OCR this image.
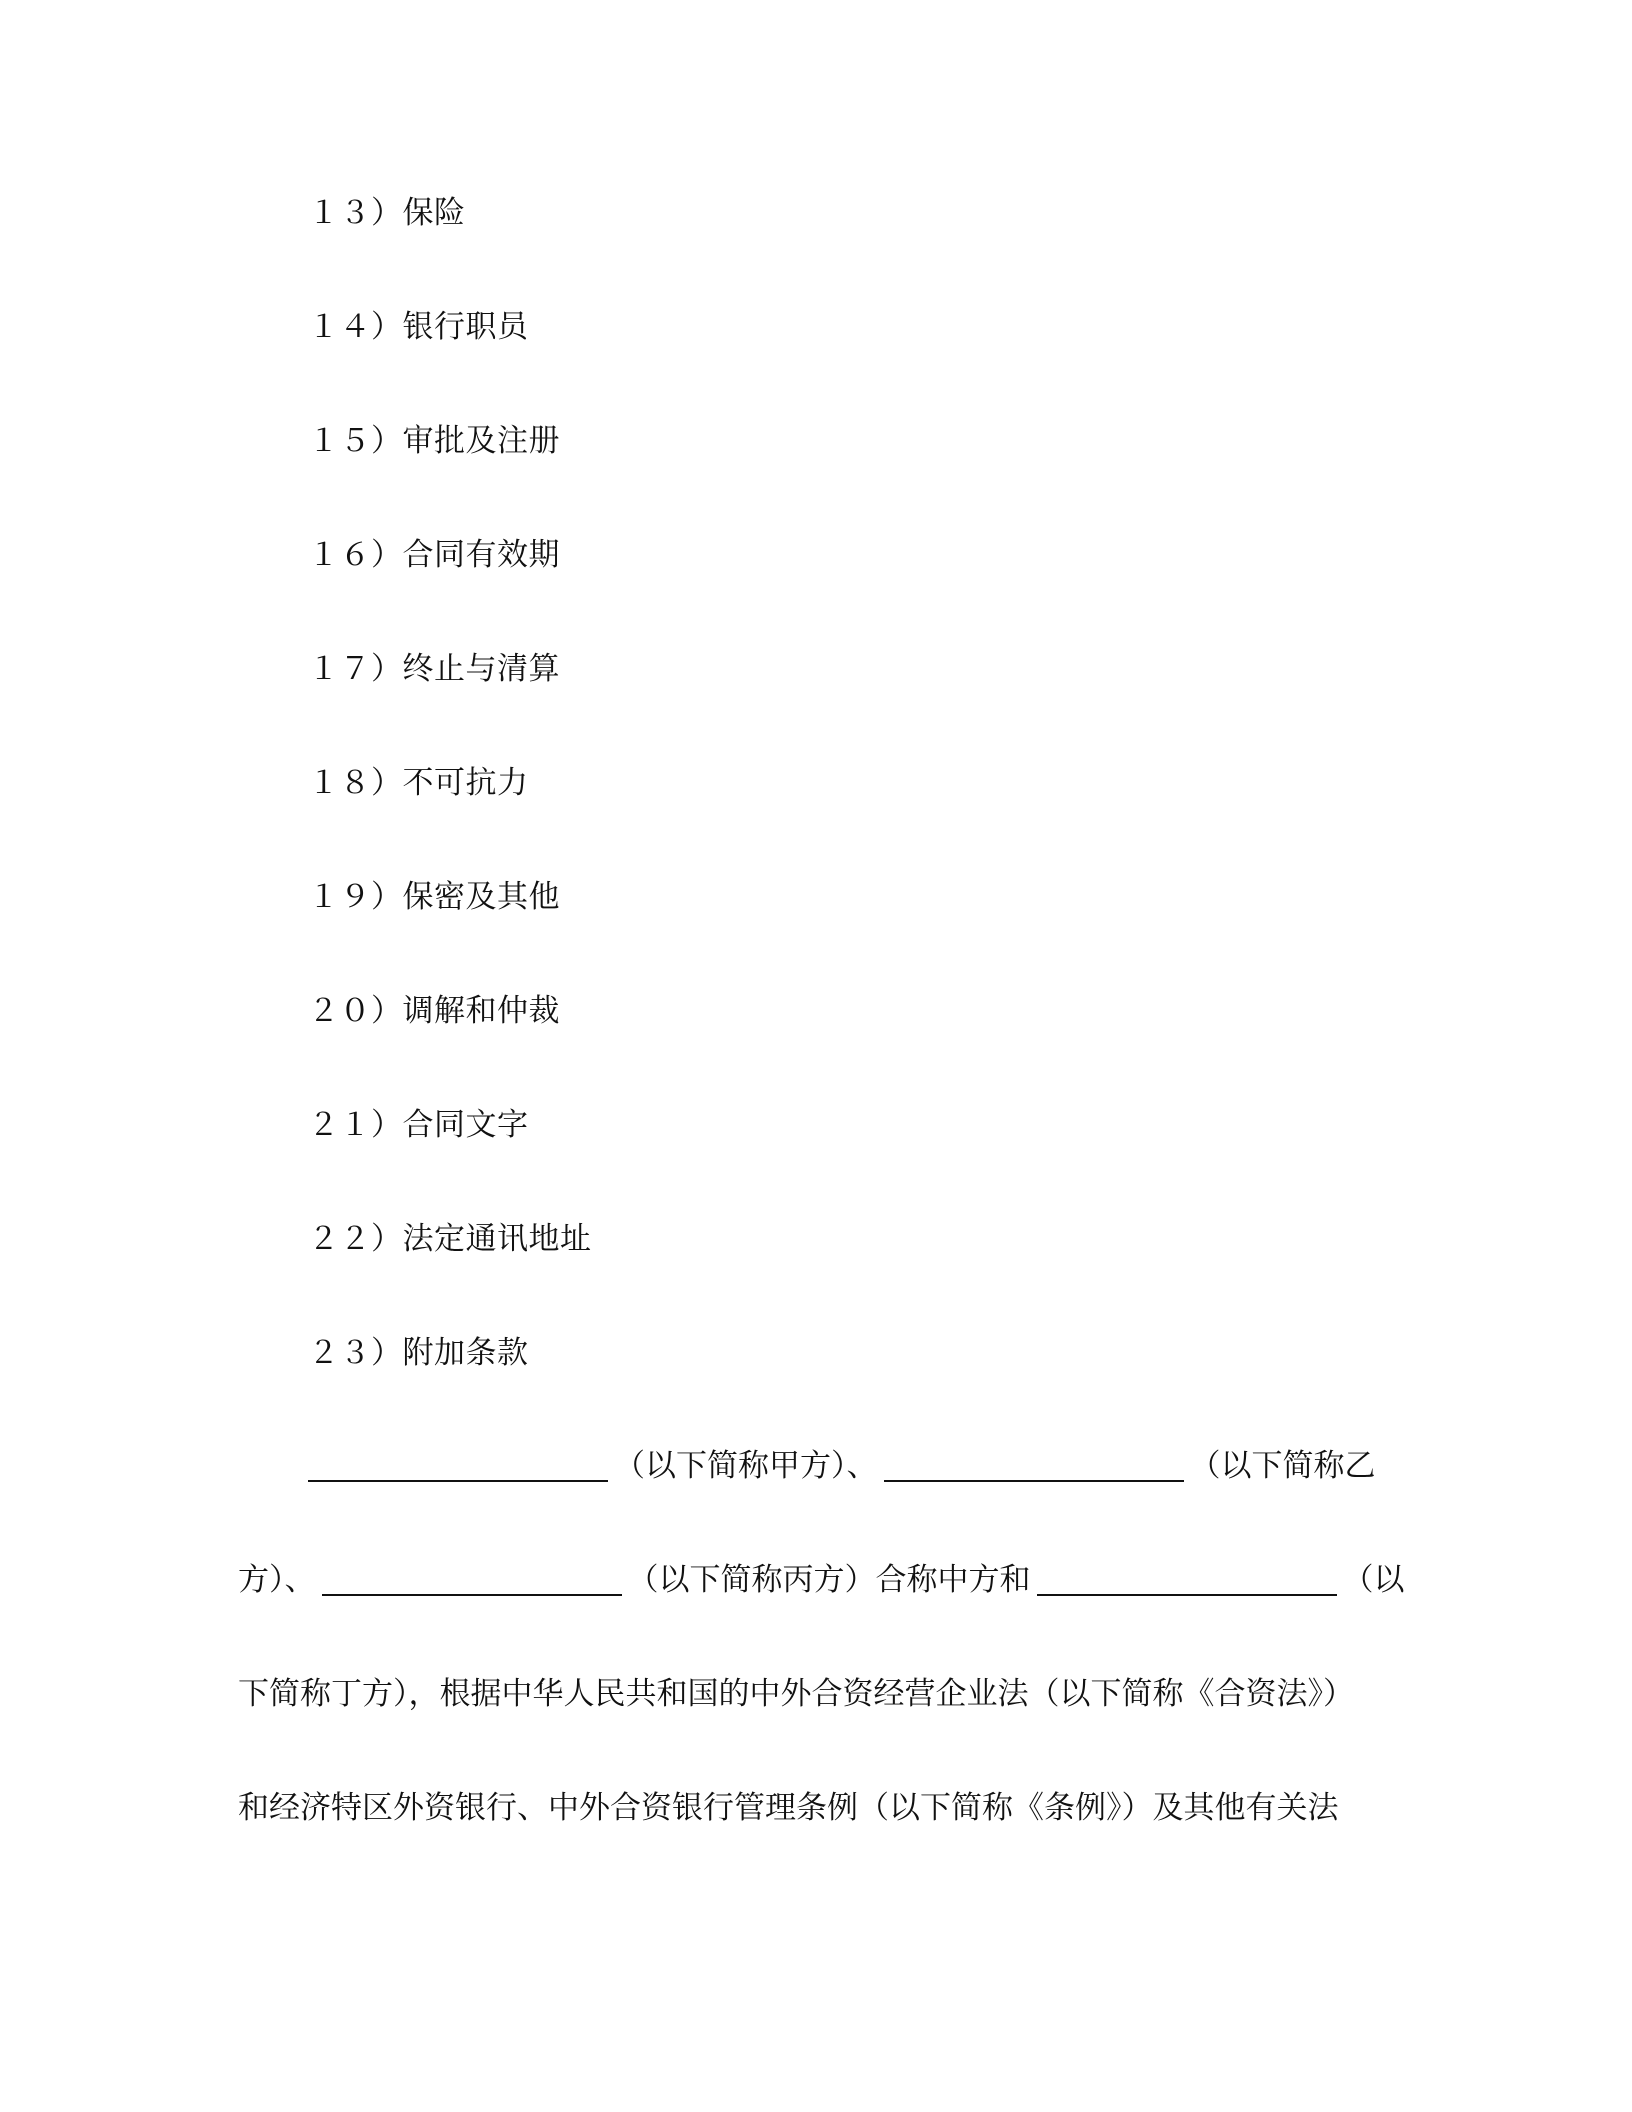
１３）保险
１４）银行职员
１５）审批及注册
１６）合同有效期
１７）终止与清算
１８）不可抗力
１９）保密及其他
２０）调解和仲裁
２１）合同文字
２２）法定通讯地址
２３）附加条款
（以下简称甲方）、	（以下简称乙
方）、	（以下简称丙方）合称中方和	（以
下简称丁方），根据中华人民共和国的中外合资经营企业法（以下简称《合资法》）
和经济特区外资银行、中外合资银行管理条例（以下简称《条例》）及其他有关法
